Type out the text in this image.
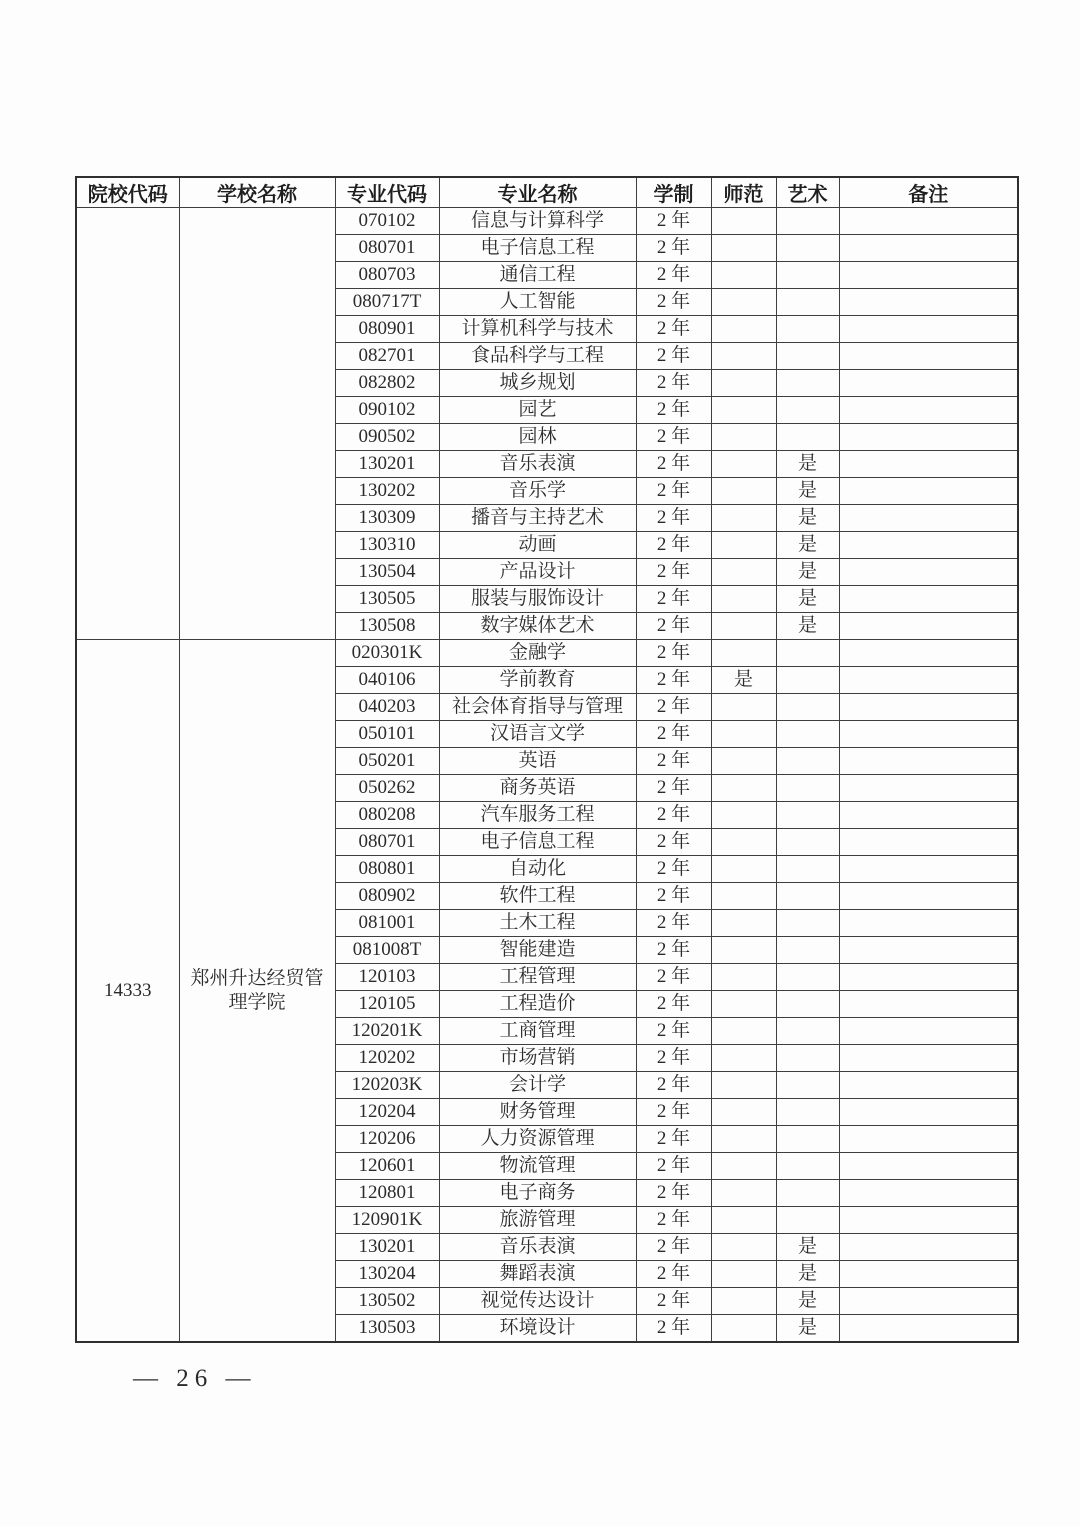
院校代码	学校名称	专业代码	专业名称	学制	师范	艺术	备注
		070102	信息与计算科学	2 年			
		080701	电子信息工程	2 年			
		080703	通信工程	2 年			
		080717T	人工智能	2 年			
		080901	计算机科学与技术	2 年			
		082701	食品科学与工程	2 年			
		082802	城乡规划	2 年			
		090102	园艺	2 年			
		090502	园林	2 年			
		130201	音乐表演	2 年		是	
		130202	音乐学	2 年		是	
		130309	播音与主持艺术	2 年		是	
		130310	动画	2 年		是	
		130504	产品设计	2 年		是	
		130505	服装与服饰设计	2 年		是	
		130508	数字媒体艺术	2 年		是	
14333	郑州升达经贸管理学院	020301K	金融学	2 年			
		040106	学前教育	2 年	是		
		040203	社会体育指导与管理	2 年			
		050101	汉语言文学	2 年			
		050201	英语	2 年			
		050262	商务英语	2 年			
		080208	汽车服务工程	2 年			
		080701	电子信息工程	2 年			
		080801	自动化	2 年			
		080902	软件工程	2 年			
		081001	土木工程	2 年			
		081008T	智能建造	2 年			
		120103	工程管理	2 年			
		120105	工程造价	2 年			
		120201K	工商管理	2 年			
		120202	市场营销	2 年			
		120203K	会计学	2 年			
		120204	财务管理	2 年			
		120206	人力资源管理	2 年			
		120601	物流管理	2 年			
		120801	电子商务	2 年			
		120901K	旅游管理	2 年			
		130201	音乐表演	2 年		是	
		130204	舞蹈表演	2 年		是	
		130502	视觉传达设计	2 年		是	
		130503	环境设计	2 年		是	
— 26 —
